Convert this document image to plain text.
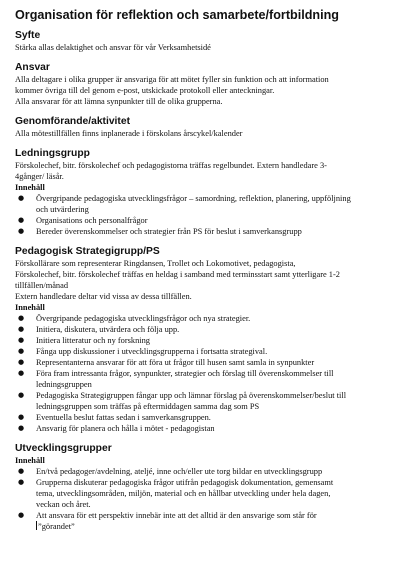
Organisation för reflektion och samarbete/fortbildning
Syfte

Stärka allas delaktighet och ansvar för vår Verksamhetsidé

Ansvar

Alla deltagare i olika grupper är ansvariga för att mötet fyller sin funktion och att information

kommer övriga till del genom e-post, utskickade protokoll eller anteckningar.

Alla ansvarar för att lämna synpunkter till de olika grupperna.

Genomförande/aktivitet

Alla mötestillfällen finns inplanerade i förskolans årscykel/kalender

Ledningsgrupp

Förskolechef, bitr. förskolechef och pedagogistorna träffas regelbundet. Extern handledare 3-

4gånger/ läsår.

Innehåll
● Övergripande pedagogiska utvecklingsfrågor – samordning, reflektion, planering, uppföljning
och utvärdering
● Organisations och personalfrågor
● Bereder överenskommelser och strategier från PS för beslut i samverkansgrupp
Pedagogisk Strategigrupp/PS

Förskollärare som representerar Ringdansen, Trollet och Lokomotivet, pedagogista,

Förskolechef, bitr. förskolechef träffas en heldag i samband med terminsstart samt ytterligare 1-2

tillfällen/månad

Extern handledare deltar vid vissa av dessa tillfällen.

Innehåll
● Övergripande pedagogiska utvecklingsfrågor och nya strategier.
● Initiera, diskutera, utvärdera och följa upp.
● Initiera litteratur och ny forskning
● Fånga upp diskussioner i utvecklingsgrupperna i fortsatta strategival.
● Representanterna ansvarar för att föra ut frågor till husen samt samla in synpunkter
● Föra fram intressanta frågor, synpunkter, strategier och förslag till överenskommelser till
ledningsgruppen
● Pedagogiska Strategigruppen fångar upp och lämnar förslag på överenskommelser/beslut till
ledningsgruppen som träffas på eftermiddagen samma dag som PS
● Eventuella beslut fattas sedan i samverkansgruppen.
● Ansvarig för planera och hålla i mötet - pedagogistan
Utvecklingsgrupper
Innehåll
● En/två pedagoger/avdelning, ateljé, inne och/eller ute torg bildar en utvecklingsgrupp
● Grupperna diskuterar pedagogiska frågor utifrån pedagogisk dokumentation, gemensamt
tema, utvecklingsområden, miljön, material och en hållbar utveckling under hela dagen,
veckan och året.
● Att ansvara för ett perspektiv innebär inte att det alltid är den ansvarige som står för
”görandet”
